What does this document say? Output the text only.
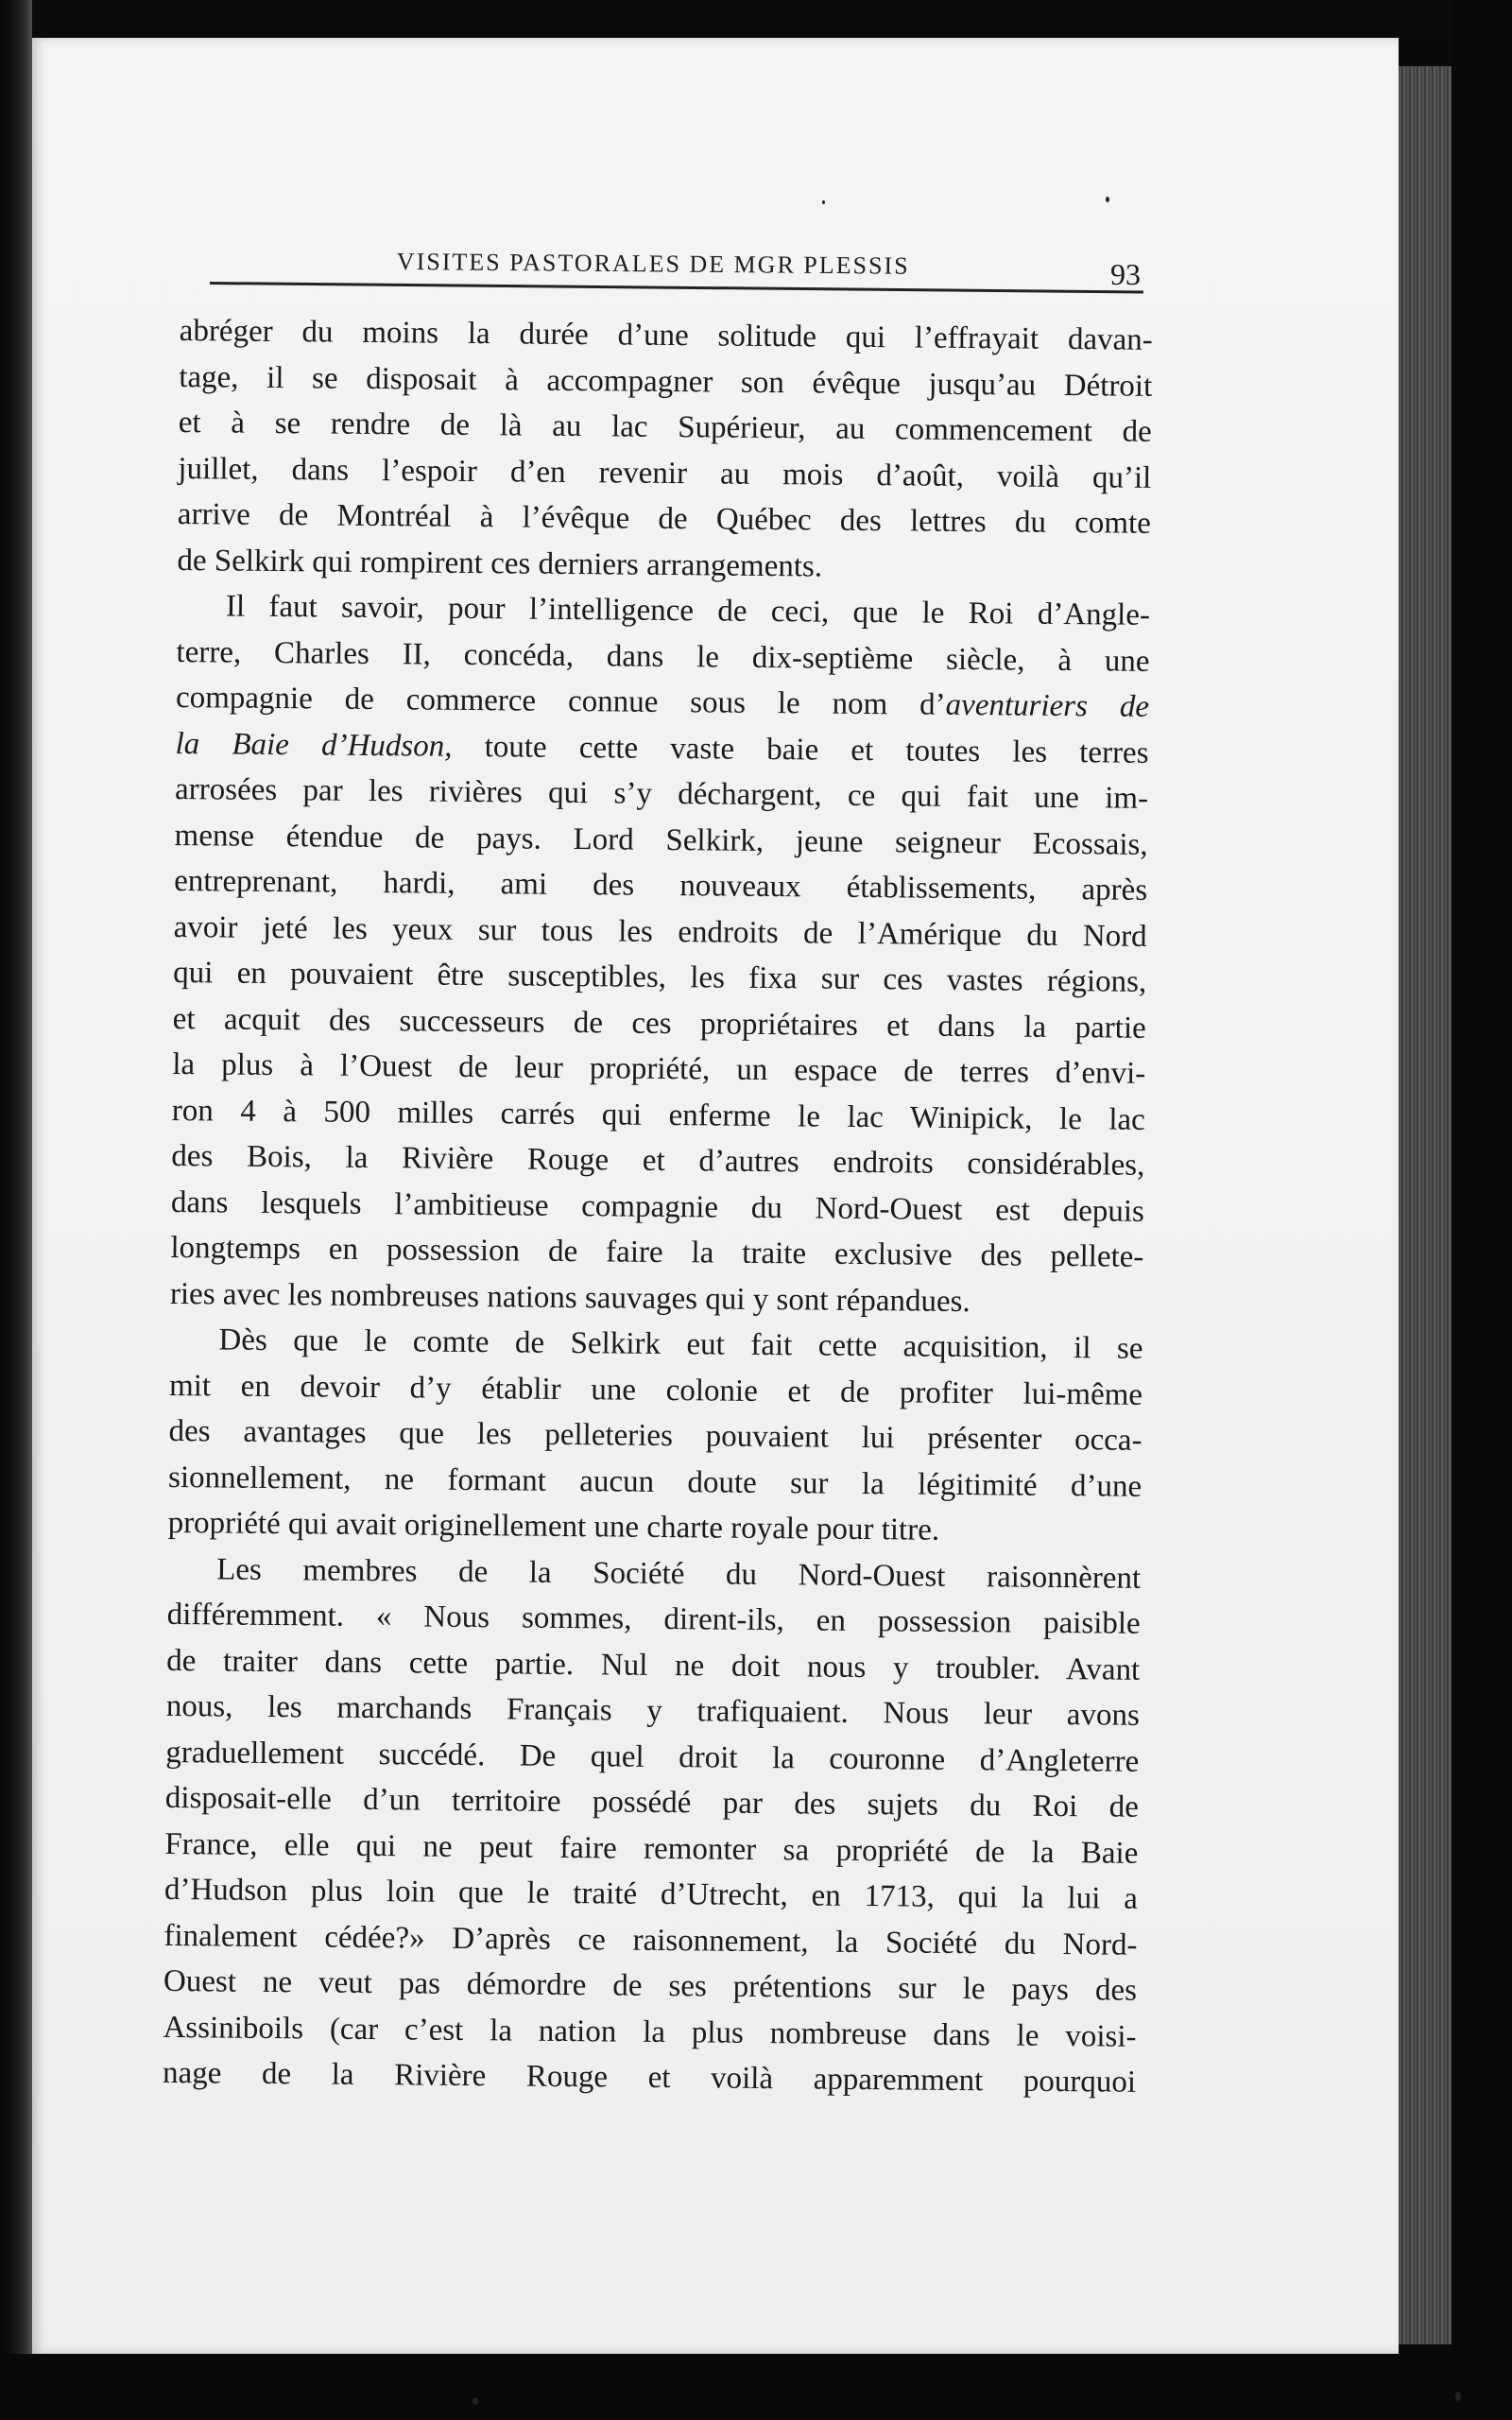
VISITES PASTORALES DE MGR PLESSIS	93
abréger du moins la durée d’une solitude qui l’effrayait davan-
tage, il se disposait à accompagner son évêque jusqu’au Détroit
et à se rendre de là au lac Supérieur, au commencement de
juillet, dans l’espoir d’en revenir au mois d’août, voilà qu’il
arrive de Montréal à l’évêque de Québec des lettres du comte
de Selkirk qui rompirent ces derniers arrangements.
Il faut savoir, pour l’intelligence de ceci, que le Roi d’Angle-
terre, Charles II, concéda, dans le dix-septième siècle, à une
compagnie de commerce connue sous le nom d’aventuriers de
la Baie d’Hudson, toute cette vaste baie et toutes les terres
arrosées par les rivières qui s’y déchargent, ce qui fait une im-
mense étendue de pays. Lord Selkirk, jeune seigneur Ecossais,
entreprenant, hardi, ami des nouveaux établissements, après
avoir jeté les yeux sur tous les endroits de l’Amérique du Nord
qui en pouvaient être susceptibles, les fixa sur ces vastes régions,
et acquit des successeurs de ces propriétaires et dans la partie
la plus à l’Ouest de leur propriété, un espace de terres d’envi-
ron 4 à 500 milles carrés qui enferme le lac Winipick, le lac
des Bois, la Rivière Rouge et d’autres endroits considérables,
dans lesquels l’ambitieuse compagnie du Nord-Ouest est depuis
longtemps en possession de faire la traite exclusive des pellete-
ries avec les nombreuses nations sauvages qui y sont répandues.
Dès que le comte de Selkirk eut fait cette acquisition, il se
mit en devoir d’y établir une colonie et de profiter lui-même
des avantages que les pelleteries pouvaient lui présenter occa-
sionnellement, ne formant aucun doute sur la légitimité d’une
propriété qui avait originellement une charte royale pour titre.
Les membres de la Société du Nord-Ouest raisonnèrent
différemment. « Nous sommes, dirent-ils, en possession paisible
de traiter dans cette partie. Nul ne doit nous y troubler. Avant
nous, les marchands Français y trafiquaient. Nous leur avons
graduellement succédé. De quel droit la couronne d’Angleterre
disposait-elle d’un territoire possédé par des sujets du Roi de
France, elle qui ne peut faire remonter sa propriété de la Baie
d’Hudson plus loin que le traité d’Utrecht, en 1713, qui la lui a
finalement cédée?» D’après ce raisonnement, la Société du Nord-
Ouest ne veut pas démordre de ses prétentions sur le pays des
Assiniboils (car c’est la nation la plus nombreuse dans le voisi-
nage de la Rivière Rouge et voilà apparemment pourquoi
